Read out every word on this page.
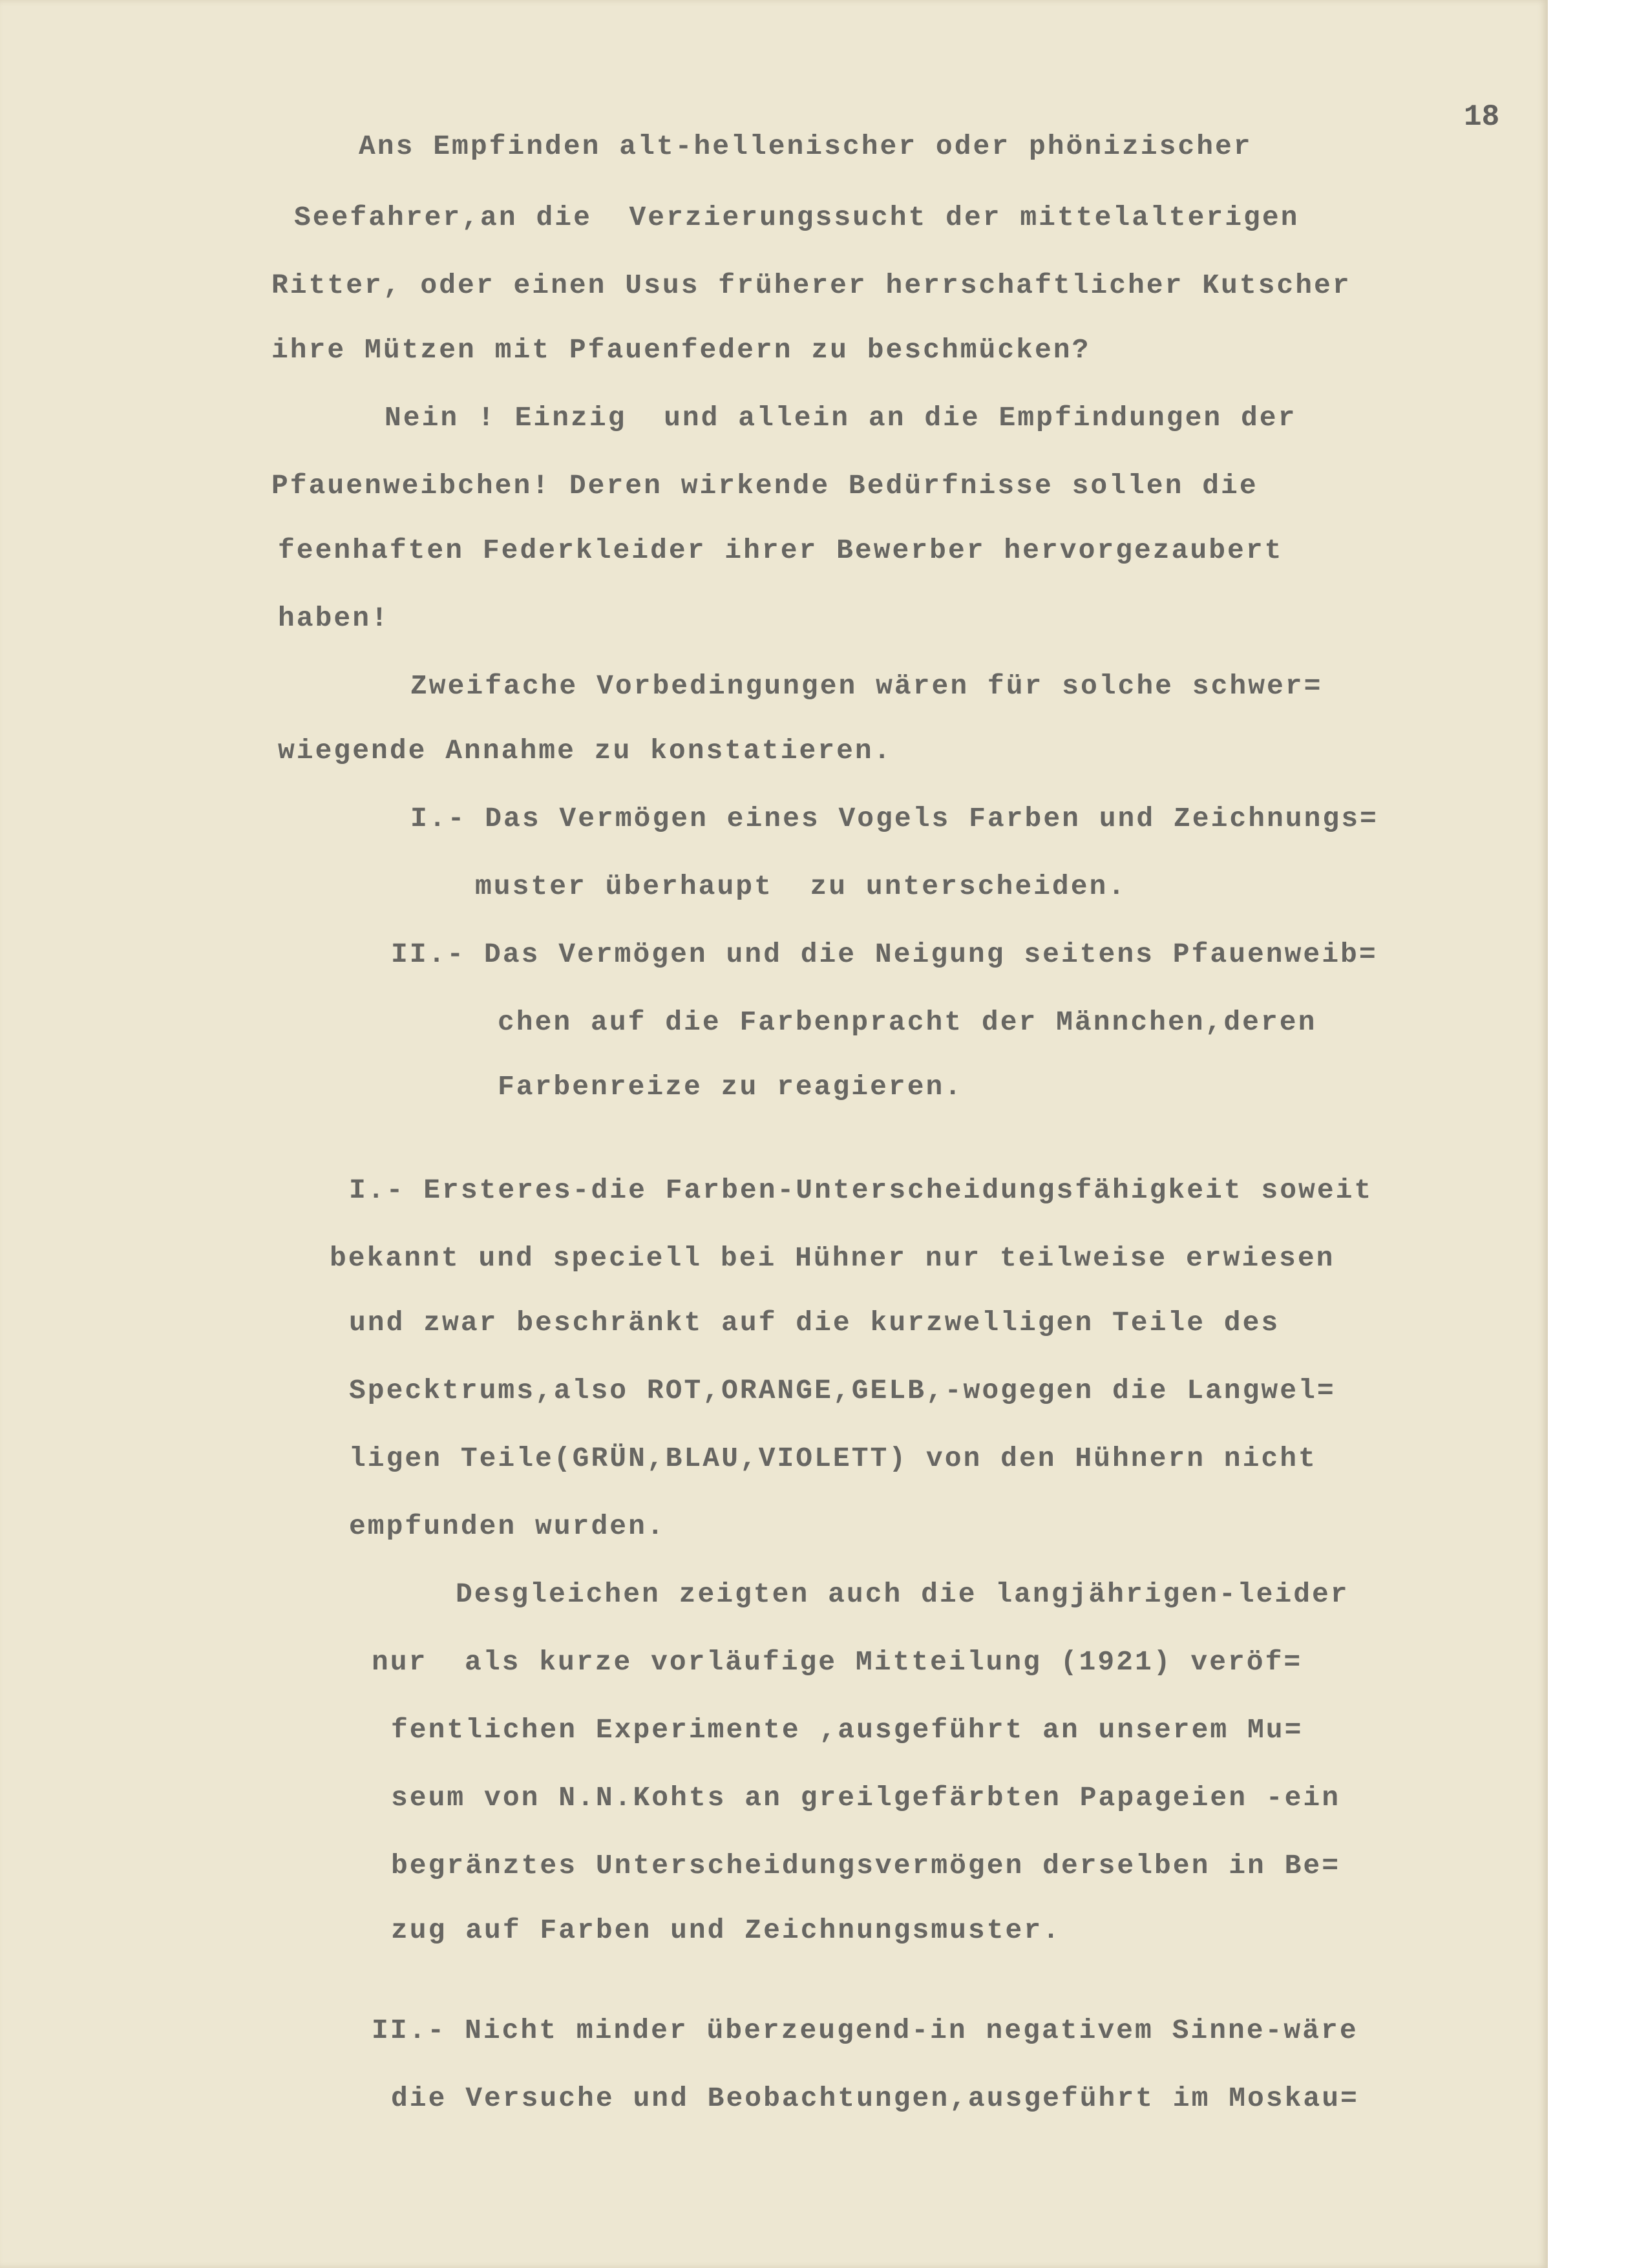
18
Ans Empfinden alt-hellenischer oder phönizischer
Seefahrer,an die  Verzierungssucht der mittelalterigen
Ritter, oder einen Usus früherer herrschaftlicher Kutscher
ihre Mützen mit Pfauenfedern zu beschmücken?
Nein ! Einzig  und allein an die Empfindungen der
Pfauenweibchen! Deren wirkende Bedürfnisse sollen die
feenhaften Federkleider ihrer Bewerber hervorgezaubert
haben!
Zweifache Vorbedingungen wären für solche schwer=
wiegende Annahme zu konstatieren.
I.- Das Vermögen eines Vogels Farben und Zeichnungs=
muster überhaupt  zu unterscheiden.
II.- Das Vermögen und die Neigung seitens Pfauenweib=
chen auf die Farbenpracht der Männchen,deren
Farbenreize zu reagieren.
I.- Ersteres-die Farben-Unterscheidungsfähigkeit soweit
bekannt und speciell bei Hühner nur teilweise erwiesen
und zwar beschränkt auf die kurzwelligen Teile des
Specktrums,also ROT,ORANGE,GELB,-wogegen die Langwel=
ligen Teile(GRÜN,BLAU,VIOLETT) von den Hühnern nicht
empfunden wurden.
Desgleichen zeigten auch die langjährigen-leider
nur  als kurze vorläufige Mitteilung (1921) veröf=
fentlichen Experimente ,ausgeführt an unserem Mu=
seum von N.N.Kohts an greilgefärbten Papageien -ein
begränztes Unterscheidungsvermögen derselben in Be=
zug auf Farben und Zeichnungsmuster.
II.- Nicht minder überzeugend-in negativem Sinne-wäre
die Versuche und Beobachtungen,ausgeführt im Moskau=
